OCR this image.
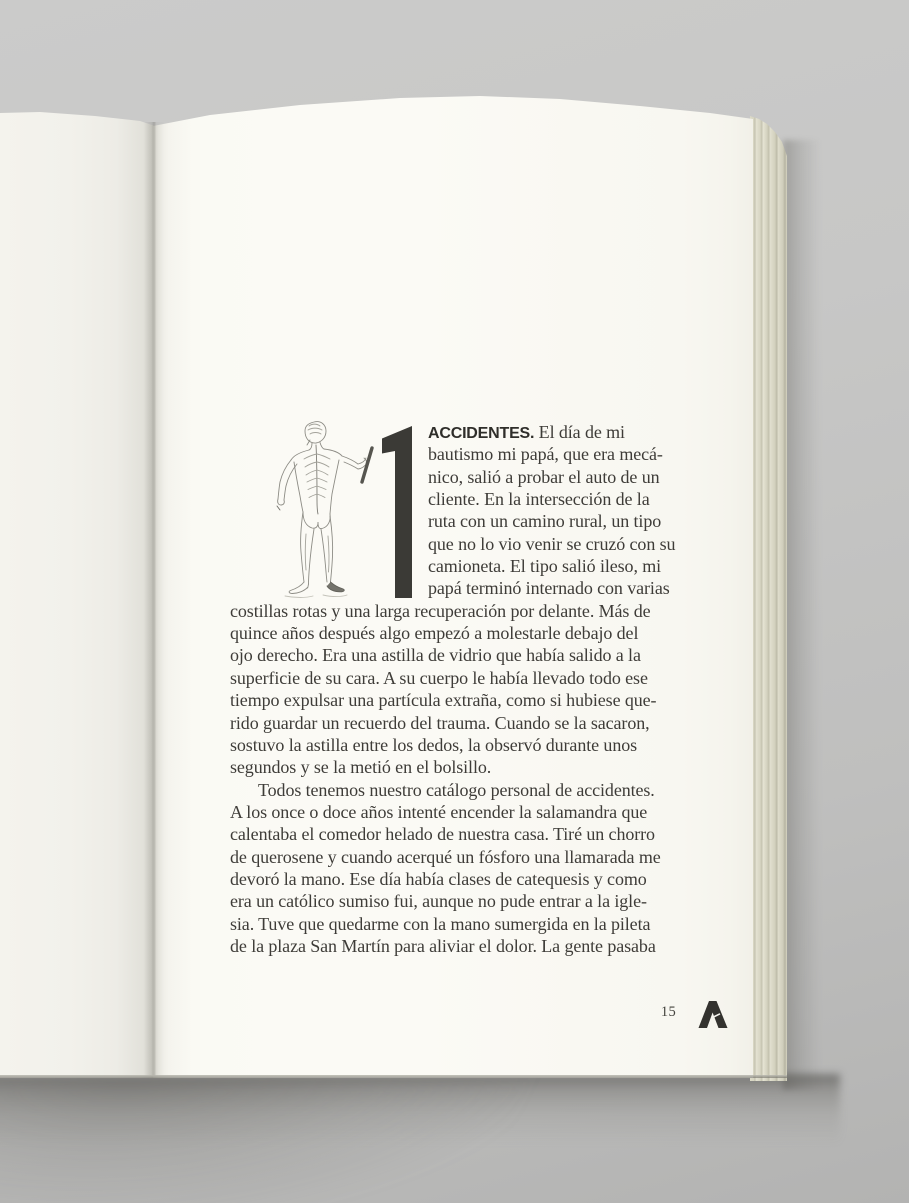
ACCIDENTES. El día de mi
bautismo mi papá, que era mecá-
nico, salió a probar el auto de un
cliente. En la intersección de la
ruta con un camino rural, un tipo
que no lo vio venir se cruzó con su
camioneta. El tipo salió ileso, mi
papá terminó internado con varias
costillas rotas y una larga recuperación por delante. Más de
quince años después algo empezó a molestarle debajo del
ojo derecho. Era una astilla de vidrio que había salido a la
superficie de su cara. A su cuerpo le había llevado todo ese
tiempo expulsar una partícula extraña, como si hubiese que-
rido guardar un recuerdo del trauma. Cuando se la sacaron,
sostuvo la astilla entre los dedos, la observó durante unos
segundos y se la metió en el bolsillo.
Todos tenemos nuestro catálogo personal de accidentes.
A los once o doce años intenté encender la salamandra que
calentaba el comedor helado de nuestra casa. Tiré un chorro
de querosene y cuando acerqué un fósforo una llamarada me
devoró la mano. Ese día había clases de catequesis y como
era un católico sumiso fui, aunque no pude entrar a la igle-
sia. Tuve que quedarme con la mano sumergida en la pileta
de la plaza San Martín para aliviar el dolor. La gente pasaba
15
